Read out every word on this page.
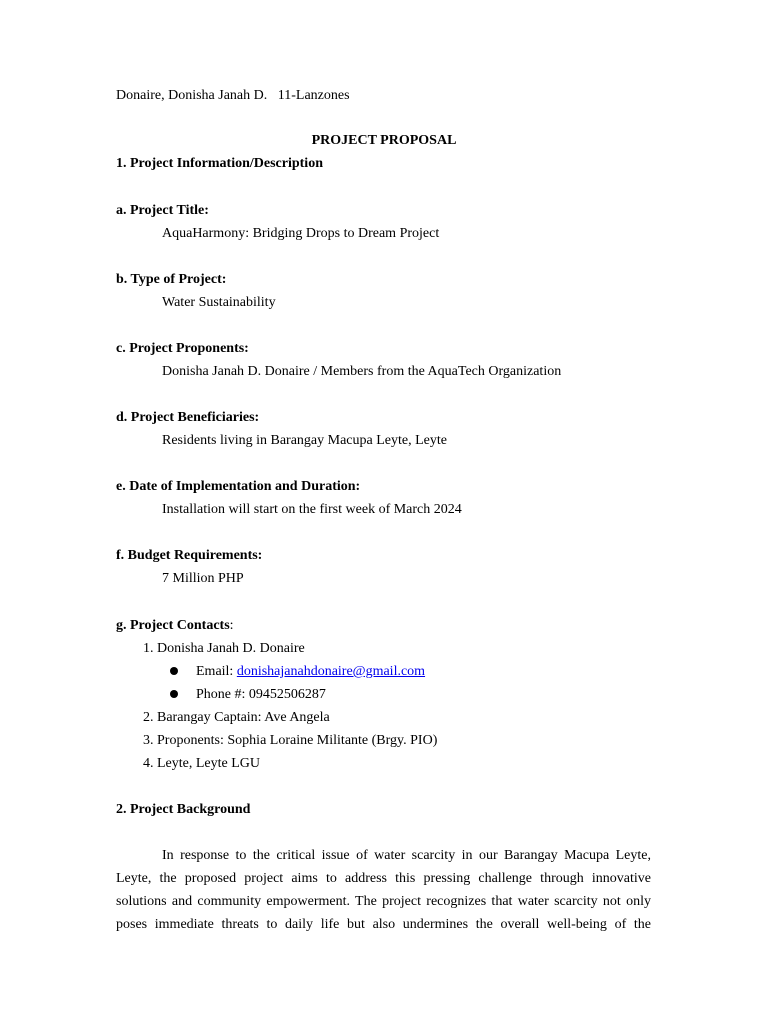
Donaire, Donisha Janah D. 11-Lanzones
PROJECT PROPOSAL
1. Project Information/Description
a. Project Title:
AquaHarmony: Bridging Drops to Dream Project
b. Type of Project:
Water Sustainability
c. Project Proponents:
Donisha Janah D. Donaire / Members from the AquaTech Organization
d. Project Beneficiaries:
Residents living in Barangay Macupa Leyte, Leyte
e. Date of Implementation and Duration:
Installation will start on the first week of March 2024
f. Budget Requirements:
7 Million PHP
g. Project Contacts:
1. Donisha Janah D. Donaire
Email: donishajanahdonaire@gmail.com
Phone #: 09452506287
2. Barangay Captain: Ave Angela
3. Proponents: Sophia Loraine Militante (Brgy. PIO)
4. Leyte, Leyte LGU
2. Project Background
In response to the critical issue of water scarcity in our Barangay Macupa Leyte,
Leyte, the proposed project aims to address this pressing challenge through innovative
solutions and community empowerment. The project recognizes that water scarcity not only
poses immediate threats to daily life but also undermines the overall well-being of the
